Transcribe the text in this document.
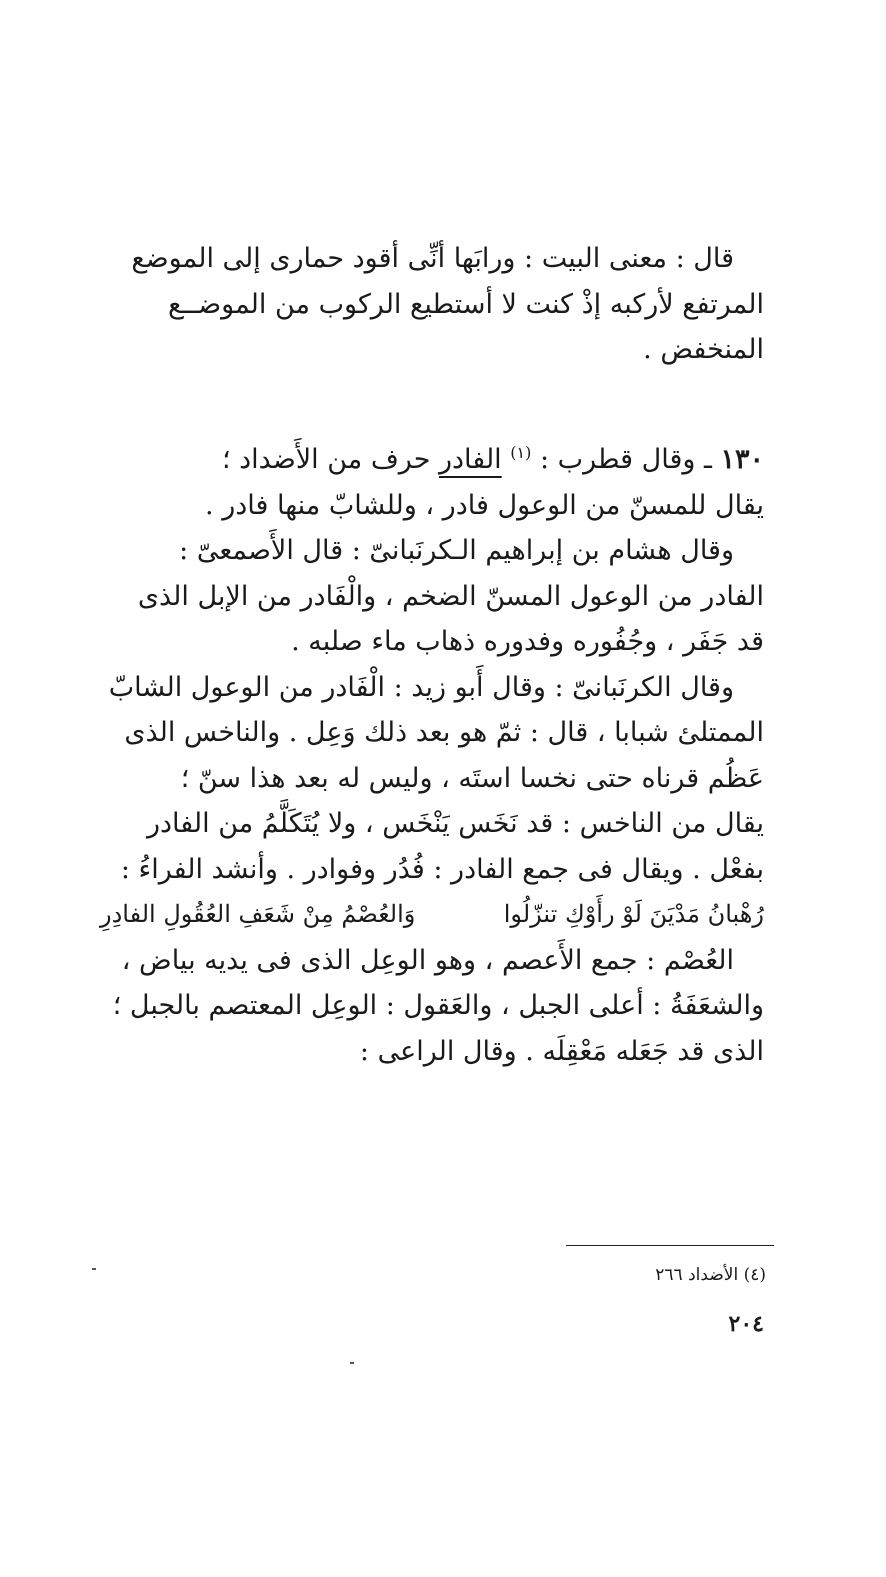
قال : معنى البيت : ورابَها أنِّى أقود حمارى إلى الموضع

المرتفع لأركبه إذْ كنت لا أستطيع الركوب من الموضــع

المنخفض .

١٣٠ ـ وقال قطرب : $^{(١)}$ الفادر حرف من الأَضداد ؛

يقال للمسنّ من الوعول فادر ، وللشابّ منها فادر .

وقال هشام بن إبراهيم الـكرنَبانىّ : قال الأَصمعىّ :

الفادر من الوعول المسنّ الضخم ، والْفَادر من الإبل الذى

قد جَفَر ، وجُفُوره وفدوره ذهاب ماء صلبه .

وقال الكرنَبانىّ : وقال أَبو زيد : الْفَادر من الوعول الشابّ

الممتلئ شبابا ، قال : ثمّ هو بعد ذلك وَعِل . والناخس الذى

عَظُم قرناه حتى نخسا استَه ، وليس له بعد هذا سنّ ؛

يقال من الناخس : قد نَخَس يَنْخَس ، ولا يُتَكَلَّمُ من الفادر

بفعْل . ويقال فى جمع الفادر : فُدُر وفوادر . وأنشد الفراءُ :

رُهْبانُ مَدْيَنَ لَوْ رأَوْكِ تنزّلُوا
وَالعُصْمُ مِنْ شَعَفِ العُقُولِ الفادِرِ

العُصْم : جمع الأَعصم ، وهو الوعِل الذى فى يديه بياض ،

والشعَفَةُ : أعلى الجبل ، والعَقول : الوعِل المعتصم بالجبل ؛

الذى قد جَعَله مَعْقِلَه . وقال الراعى :

(٤) الأضداد ٢٦٦
٢٠٤
